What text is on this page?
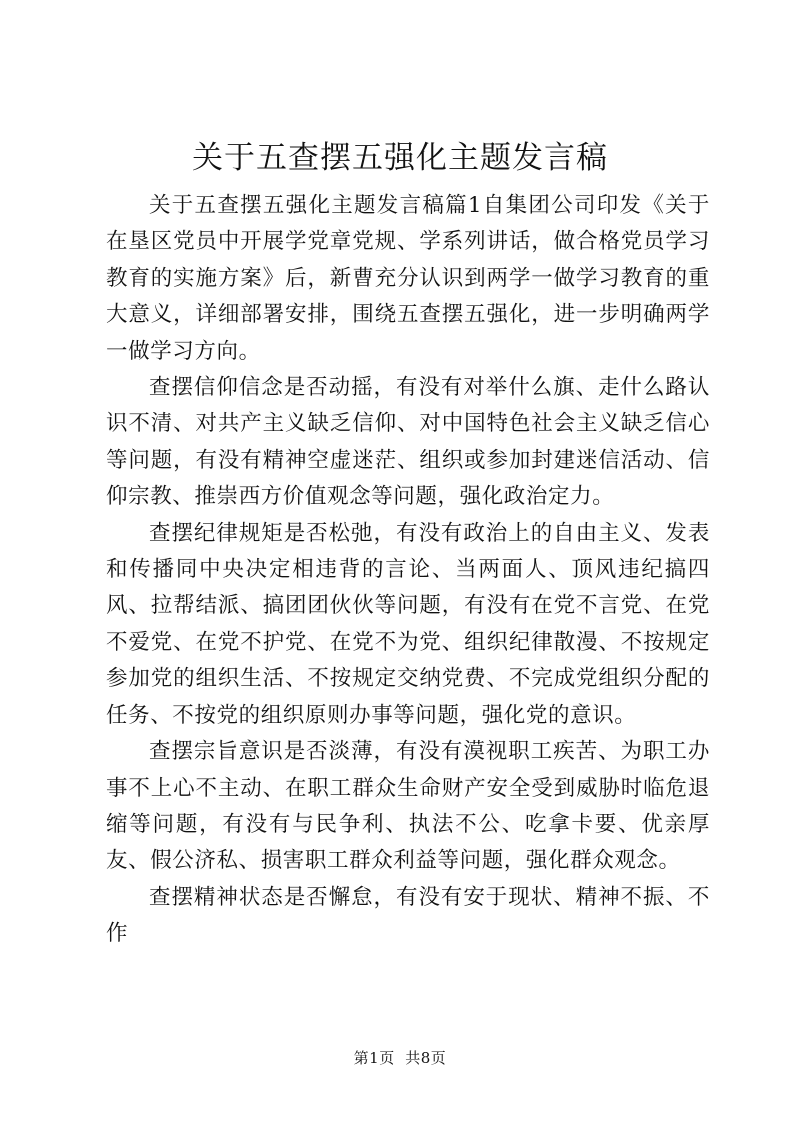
关于五查摆五强化主题发言稿

关于五查摆五强化主题发言稿篇1自集团公司印发《关于在垦区党员中开展学党章党规、学系列讲话，做合格党员学习教育的实施方案》后，新曹充分认识到两学一做学习教育的重大意义，详细部署安排，围绕五查摆五强化，进一步明确两学一做学习方向。

查摆信仰信念是否动摇，有没有对举什么旗、走什么路认识不清、对共产主义缺乏信仰、对中国特色社会主义缺乏信心等问题，有没有精神空虚迷茫、组织或参加封建迷信活动、信仰宗教、推崇西方价值观念等问题，强化政治定力。

查摆纪律规矩是否松弛，有没有政治上的自由主义、发表和传播同中央决定相违背的言论、当两面人、顶风违纪搞四风、拉帮结派、搞团团伙伙等问题，有没有在党不言党、在党不爱党、在党不护党、在党不为党、组织纪律散漫、不按规定参加党的组织生活、不按规定交纳党费、不完成党组织分配的任务、不按党的组织原则办事等问题，强化党的意识。

查摆宗旨意识是否淡薄，有没有漠视职工疾苦、为职工办事不上心不主动、在职工群众生命财产安全受到威胁时临危退缩等问题，有没有与民争利、执法不公、吃拿卡要、优亲厚友、假公济私、损害职工群众利益等问题，强化群众观念。

查摆精神状态是否懈怠，有没有安于现状、精神不振、不作

第1页 共8页
